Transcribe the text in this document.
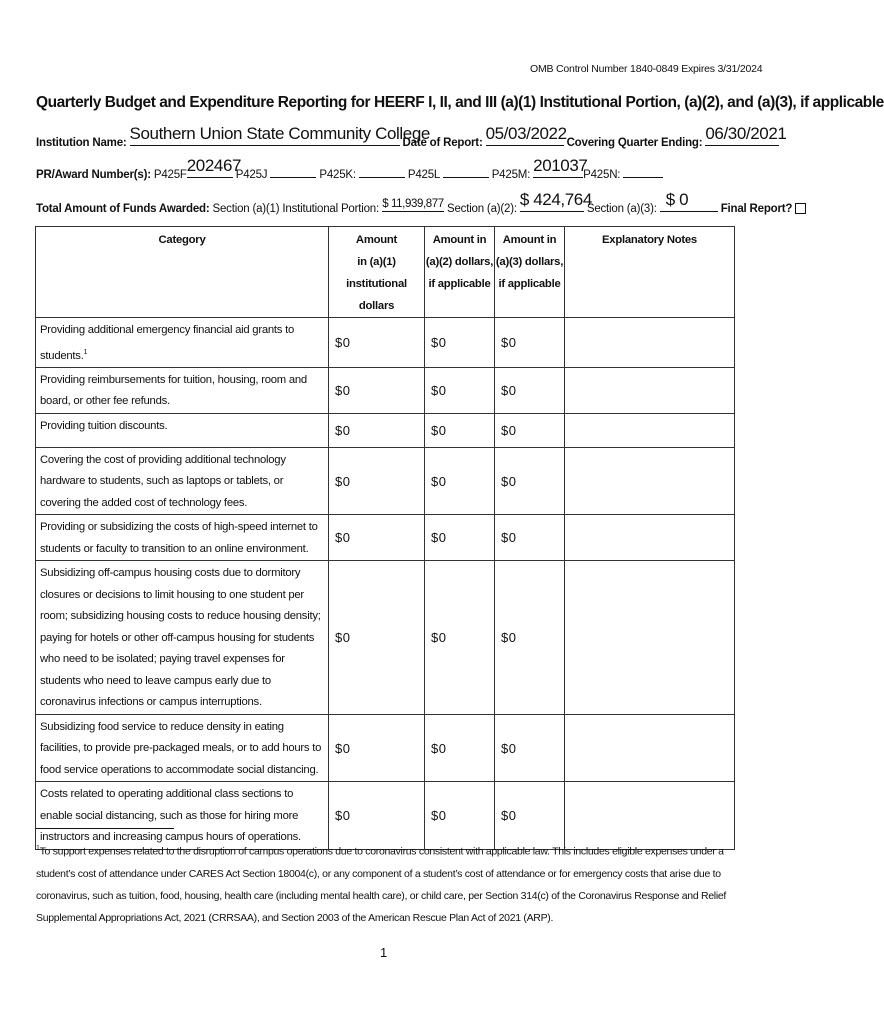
OMB Control Number 1840-0849 Expires 3/31/2024
Quarterly Budget and Expenditure Reporting for HEERF I, II, and III (a)(1) Institutional Portion, (a)(2), and (a)(3), if applicable
Institution Name: Southern Union State Community College
Date of Report: 05/03/2022 Covering Quarter Ending: 06/30/2021
PR/Award Number(s): P425F 202467
P425J	P425K:	P425L	P425M: 201037
P425N:
Total Amount of Funds Awarded: Section (a)(1) Institutional Portion: $ 11,939,877 Section (a)(2): $ 424,764
Section (a)(3): $ 0	Final Report?
Category	Amount
in (a)(1)
institutional dollars	Amount in
(a)(2) dollars,
if applicable	Amount in
(a)(3) dollars,
if applicable	Explanatory Notes
Providing additional emergency financial aid grants to students.$^1$	$0	$0	$0	
Providing reimbursements for tuition, housing, room and board, or other fee refunds.	$0	$0	$0	
Providing tuition discounts.	$0	$0	$0	
Covering the cost of providing additional technology hardware to students, such as laptops or tablets, or covering the added cost of technology fees.	$0	$0	$0	
Providing or subsidizing the costs of high-speed internet to students or faculty to transition to an online environment.	$0	$0	$0	
Subsidizing off-campus housing costs due to dormitory closures or decisions to limit housing to one student per room; subsidizing housing costs to reduce housing density; paying for hotels or other off-campus housing for students who need to be isolated; paying travel expenses for students who need to leave campus early due to coronavirus infections or campus interruptions.	$0	$0	$0	
Subsidizing food service to reduce density in eating facilities, to provide pre-packaged meals, or to add hours to food service operations to accommodate social distancing.	$0	$0	$0	
Costs related to operating additional class sections to enable social distancing, such as those for hiring more instructors and increasing campus hours of operations.	$0	$0	$0	
$^1$To support expenses related to the disruption of campus operations due to coronavirus consistent with applicable law. This includes eligible expenses under a student’s cost of attendance under CARES Act Section 18004(c), or any component of a student’s cost of attendance or for emergency costs that arise due to coronavirus, such as tuition, food, housing, health care (including mental health care), or child care, per Section 314(c) of the Coronavirus Response and Relief Supplemental Appropriations Act, 2021 (CRRSAA), and Section 2003 of the American Rescue Plan Act of 2021 (ARP).
1
